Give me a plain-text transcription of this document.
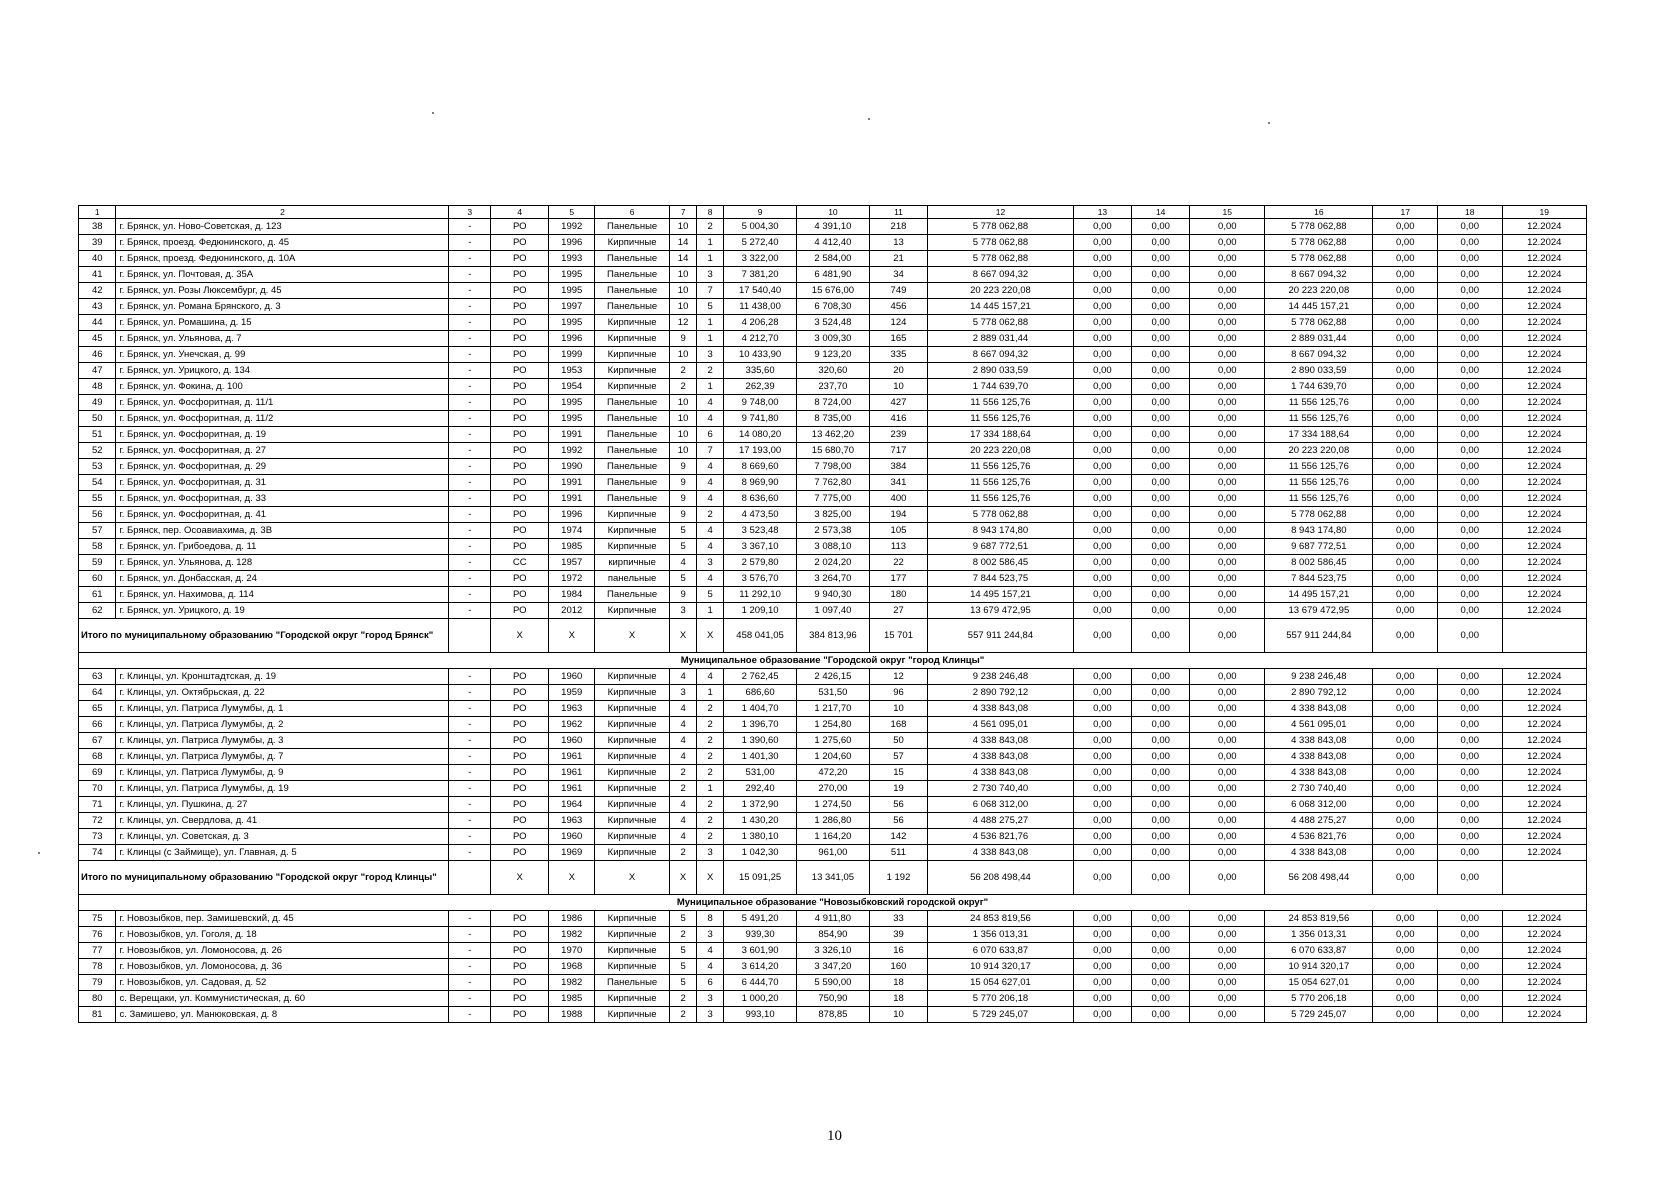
1	2	3	4	5	6	7	8	9	10	11	12	13	14	15	16	17	18	19
38	г. Брянск, ул. Ново-Советская, д. 123	-	РО	1992	Панельные	10	2	5 004,30	4 391,10	218	5 778 062,88	0,00	0,00	0,00	5 778 062,88	0,00	0,00	12.2024
39	г. Брянск, проезд. Федюнинского, д. 45	-	РО	1996	Кирпичные	14	1	5 272,40	4 412,40	13	5 778 062,88	0,00	0,00	0,00	5 778 062,88	0,00	0,00	12.2024
40	г. Брянск, проезд. Федюнинского, д. 10А	-	РО	1993	Панельные	14	1	3 322,00	2 584,00	21	5 778 062,88	0,00	0,00	0,00	5 778 062,88	0,00	0,00	12.2024
41	г. Брянск, ул. Почтовая, д. 35А	-	РО	1995	Панельные	10	3	7 381,20	6 481,90	34	8 667 094,32	0,00	0,00	0,00	8 667 094,32	0,00	0,00	12.2024
42	г. Брянск, ул. Розы Люксембург, д. 45	-	РО	1995	Панельные	10	7	17 540,40	15 676,00	749	20 223 220,08	0,00	0,00	0,00	20 223 220,08	0,00	0,00	12.2024
43	г. Брянск, ул. Романа Брянского, д. 3	-	РО	1997	Панельные	10	5	11 438,00	6 708,30	456	14 445 157,21	0,00	0,00	0,00	14 445 157,21	0,00	0,00	12.2024
44	г. Брянск, ул. Ромашина, д. 15	-	РО	1995	Кирпичные	12	1	4 206,28	3 524,48	124	5 778 062,88	0,00	0,00	0,00	5 778 062,88	0,00	0,00	12.2024
45	г. Брянск, ул. Ульянова, д. 7	-	РО	1996	Кирпичные	9	1	4 212,70	3 009,30	165	2 889 031,44	0,00	0,00	0,00	2 889 031,44	0,00	0,00	12.2024
46	г. Брянск, ул. Унечская, д. 99	-	РО	1999	Кирпичные	10	3	10 433,90	9 123,20	335	8 667 094,32	0,00	0,00	0,00	8 667 094,32	0,00	0,00	12.2024
47	г. Брянск, ул. Урицкого, д. 134	-	РО	1953	Кирпичные	2	2	335,60	320,60	20	2 890 033,59	0,00	0,00	0,00	2 890 033,59	0,00	0,00	12.2024
48	г. Брянск, ул. Фокина, д. 100	-	РО	1954	Кирпичные	2	1	262,39	237,70	10	1 744 639,70	0,00	0,00	0,00	1 744 639,70	0,00	0,00	12.2024
49	г. Брянск, ул. Фосфоритная, д. 11/1	-	РО	1995	Панельные	10	4	9 748,00	8 724,00	427	11 556 125,76	0,00	0,00	0,00	11 556 125,76	0,00	0,00	12.2024
50	г. Брянск, ул. Фосфоритная, д. 11/2	-	РО	1995	Панельные	10	4	9 741,80	8 735,00	416	11 556 125,76	0,00	0,00	0,00	11 556 125,76	0,00	0,00	12.2024
51	г. Брянск, ул. Фосфоритная, д. 19	-	РО	1991	Панельные	10	6	14 080,20	13 462,20	239	17 334 188,64	0,00	0,00	0,00	17 334 188,64	0,00	0,00	12.2024
52	г. Брянск, ул. Фосфоритная, д. 27	-	РО	1992	Панельные	10	7	17 193,00	15 680,70	717	20 223 220,08	0,00	0,00	0,00	20 223 220,08	0,00	0,00	12.2024
53	г. Брянск, ул. Фосфоритная, д. 29	-	РО	1990	Панельные	9	4	8 669,60	7 798,00	384	11 556 125,76	0,00	0,00	0,00	11 556 125,76	0,00	0,00	12.2024
54	г. Брянск, ул. Фосфоритная, д. 31	-	РО	1991	Панельные	9	4	8 969,90	7 762,80	341	11 556 125,76	0,00	0,00	0,00	11 556 125,76	0,00	0,00	12.2024
55	г. Брянск, ул. Фосфоритная, д. 33	-	РО	1991	Панельные	9	4	8 636,60	7 775,00	400	11 556 125,76	0,00	0,00	0,00	11 556 125,76	0,00	0,00	12.2024
56	г. Брянск, ул. Фосфоритная, д. 41	-	РО	1996	Кирпичные	9	2	4 473,50	3 825,00	194	5 778 062,88	0,00	0,00	0,00	5 778 062,88	0,00	0,00	12.2024
57	г. Брянск, пер. Осоавиахима, д. 3В	-	РО	1974	Кирпичные	5	4	3 523,48	2 573,38	105	8 943 174,80	0,00	0,00	0,00	8 943 174,80	0,00	0,00	12.2024
58	г. Брянск, ул. Грибоедова, д. 11	-	РО	1985	Кирпичные	5	4	3 367,10	3 088,10	113	9 687 772,51	0,00	0,00	0,00	9 687 772,51	0,00	0,00	12.2024
59	г. Брянск, ул. Ульянова, д. 128	-	СС	1957	кирпичные	4	3	2 579,80	2 024,20	22	8 002 586,45	0,00	0,00	0,00	8 002 586,45	0,00	0,00	12.2024
60	г. Брянск, ул. Донбасская, д. 24	-	РО	1972	панельные	5	4	3 576,70	3 264,70	177	7 844 523,75	0,00	0,00	0,00	7 844 523,75	0,00	0,00	12.2024
61	г. Брянск, ул. Нахимова, д. 114	-	РО	1984	Панельные	9	5	11 292,10	9 940,30	180	14 495 157,21	0,00	0,00	0,00	14 495 157,21	0,00	0,00	12.2024
62	г. Брянск, ул. Урицкого, д. 19	-	РО	2012	Кирпичные	3	1	1 209,10	1 097,40	27	13 679 472,95	0,00	0,00	0,00	13 679 472,95	0,00	0,00	12.2024
Итого по муниципальному образованию "Городской округ "город Брянск"			Х	Х	Х	Х	Х	458 041,05	384 813,96	15 701	557 911 244,84	0,00	0,00	0,00	557 911 244,84	0,00	0,00	
Муниципальное образование "Городской округ "город Клинцы"																		
63	г. Клинцы, ул. Кронштадтская, д. 19	-	РО	1960	Кирпичные	4	4	2 762,45	2 426,15	12	9 238 246,48	0,00	0,00	0,00	9 238 246,48	0,00	0,00	12.2024
64	г. Клинцы, ул. Октябрьская, д. 22	-	РО	1959	Кирпичные	3	1	686,60	531,50	96	2 890 792,12	0,00	0,00	0,00	2 890 792,12	0,00	0,00	12.2024
65	г. Клинцы, ул. Патриса Лумумбы, д. 1	-	РО	1963	Кирпичные	4	2	1 404,70	1 217,70	10	4 338 843,08	0,00	0,00	0,00	4 338 843,08	0,00	0,00	12.2024
66	г. Клинцы, ул. Патриса Лумумбы, д. 2	-	РО	1962	Кирпичные	4	2	1 396,70	1 254,80	168	4 561 095,01	0,00	0,00	0,00	4 561 095,01	0,00	0,00	12.2024
67	г. Клинцы, ул. Патриса Лумумбы, д. 3	-	РО	1960	Кирпичные	4	2	1 390,60	1 275,60	50	4 338 843,08	0,00	0,00	0,00	4 338 843,08	0,00	0,00	12.2024
68	г. Клинцы, ул. Патриса Лумумбы, д. 7	-	РО	1961	Кирпичные	4	2	1 401,30	1 204,60	57	4 338 843,08	0,00	0,00	0,00	4 338 843,08	0,00	0,00	12.2024
69	г. Клинцы, ул. Патриса Лумумбы, д. 9	-	РО	1961	Кирпичные	2	2	531,00	472,20	15	4 338 843,08	0,00	0,00	0,00	4 338 843,08	0,00	0,00	12.2024
70	г. Клинцы, ул. Патриса Лумумбы, д. 19	-	РО	1961	Кирпичные	2	1	292,40	270,00	19	2 730 740,40	0,00	0,00	0,00	2 730 740,40	0,00	0,00	12.2024
71	г. Клинцы, ул. Пушкина, д. 27	-	РО	1964	Кирпичные	4	2	1 372,90	1 274,50	56	6 068 312,00	0,00	0,00	0,00	6 068 312,00	0,00	0,00	12.2024
72	г. Клинцы, ул. Свердлова, д. 41	-	РО	1963	Кирпичные	4	2	1 430,20	1 286,80	56	4 488 275,27	0,00	0,00	0,00	4 488 275,27	0,00	0,00	12.2024
73	г. Клинцы, ул. Советская, д. 3	-	РО	1960	Кирпичные	4	2	1 380,10	1 164,20	142	4 536 821,76	0,00	0,00	0,00	4 536 821,76	0,00	0,00	12.2024
74	г. Клинцы (с Займище), ул. Главная, д. 5	-	РО	1969	Кирпичные	2	3	1 042,30	961,00	511	4 338 843,08	0,00	0,00	0,00	4 338 843,08	0,00	0,00	12.2024
Итого по муниципальному образованию "Городской округ "город Клинцы"			Х	Х	Х	Х	Х	15 091,25	13 341,05	1 192	56 208 498,44	0,00	0,00	0,00	56 208 498,44	0,00	0,00	
Муниципальное образование "Новозыбковский городской округ"																		
75	г. Новозыбков, пер. Замишевский, д. 45	-	РО	1986	Кирпичные	5	8	5 491,20	4 911,80	33	24 853 819,56	0,00	0,00	0,00	24 853 819,56	0,00	0,00	12.2024
76	г. Новозыбков, ул. Гоголя, д. 18	-	РО	1982	Кирпичные	2	3	939,30	854,90	39	1 356 013,31	0,00	0,00	0,00	1 356 013,31	0,00	0,00	12.2024
77	г. Новозыбков, ул. Ломоносова, д. 26	-	РО	1970	Кирпичные	5	4	3 601,90	3 326,10	16	6 070 633,87	0,00	0,00	0,00	6 070 633,87	0,00	0,00	12.2024
78	г. Новозыбков, ул. Ломоносова, д. 36	-	РО	1968	Кирпичные	5	4	3 614,20	3 347,20	160	10 914 320,17	0,00	0,00	0,00	10 914 320,17	0,00	0,00	12.2024
79	г. Новозыбков, ул. Садовая, д. 52	-	РО	1982	Панельные	5	6	6 444,70	5 590,00	18	15 054 627,01	0,00	0,00	0,00	15 054 627,01	0,00	0,00	12.2024
80	с. Верещаки, ул. Коммунистическая, д. 60	-	РО	1985	Кирпичные	2	3	1 000,20	750,90	18	5 770 206,18	0,00	0,00	0,00	5 770 206,18	0,00	0,00	12.2024
81	с. Замишево, ул. Манюковская, д. 8	-	РО	1988	Кирпичные	2	3	993,10	878,85	10	5 729 245,07	0,00	0,00	0,00	5 729 245,07	0,00	0,00	12.2024
10
